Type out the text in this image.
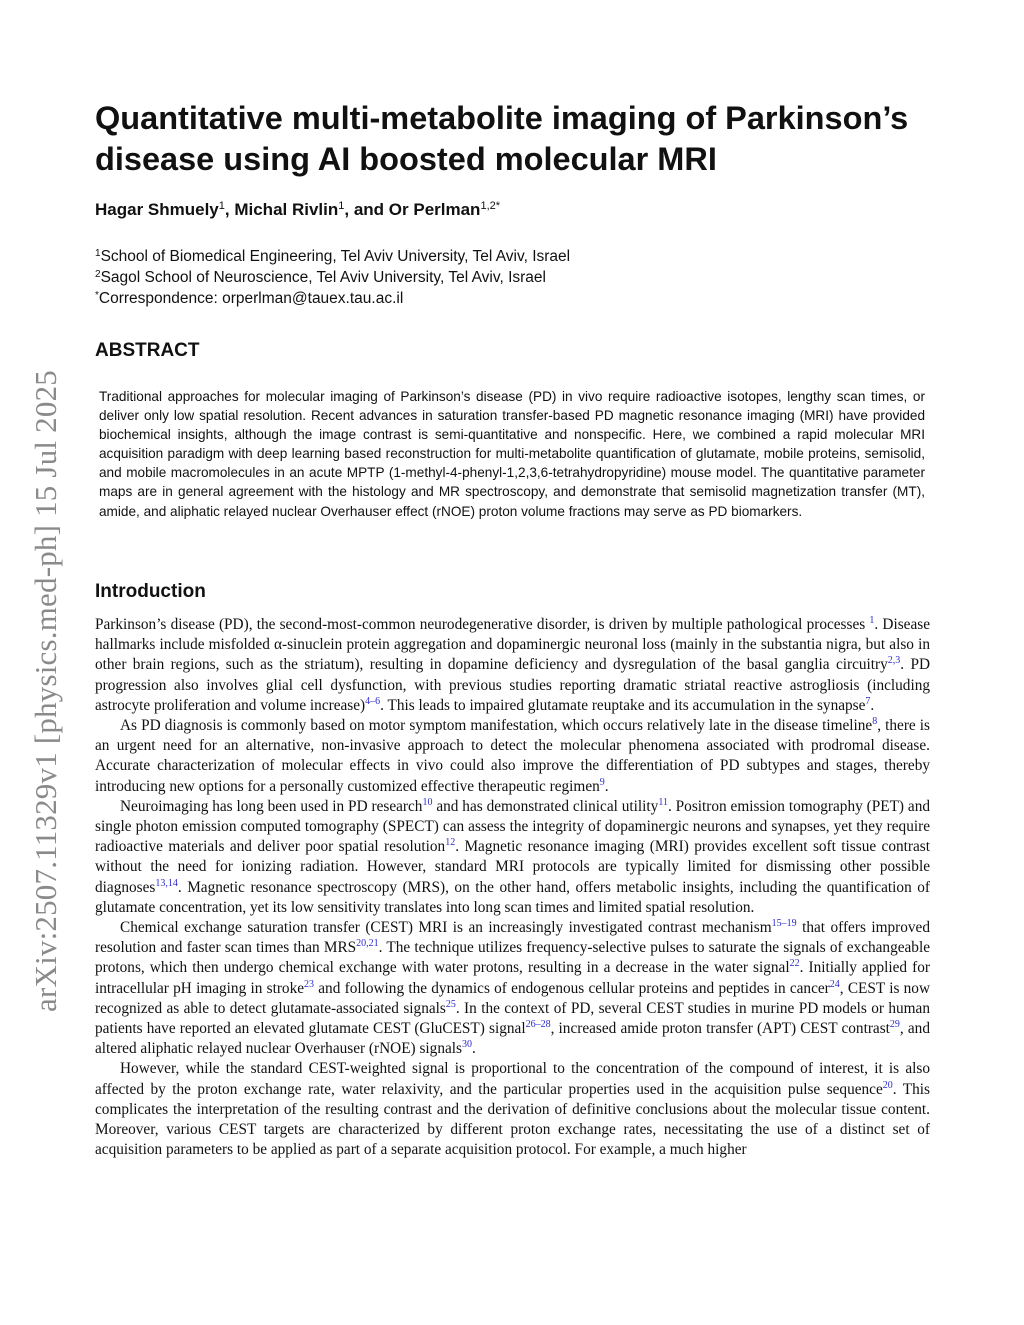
arXiv:2507.11329v1 [physics.med-ph] 15 Jul 2025
Quantitative multi-metabolite imaging of Parkinson’s disease using AI boosted molecular MRI
Hagar Shmuely$^1$, Michal Rivlin$^1$, and Or Perlman$^{1,2*}$
$^1$School of Biomedical Engineering, Tel Aviv University, Tel Aviv, Israel
$^2$Sagol School of Neuroscience, Tel Aviv University, Tel Aviv, Israel
*Correspondence: orperlman@tauex.tau.ac.il
ABSTRACT

Traditional approaches for molecular imaging of Parkinson’s disease (PD) in vivo require radioactive isotopes, lengthy scan times, or deliver only low spatial resolution. Recent advances in saturation transfer-based PD magnetic resonance imaging (MRI) have provided biochemical insights, although the image contrast is semi-quantitative and nonspecific. Here, we combined a rapid molecular MRI acquisition paradigm with deep learning based reconstruction for multi-metabolite quantification of glutamate, mobile proteins, semisolid, and mobile macromolecules in an acute MPTP (1-methyl-4-phenyl-1,2,3,6-tetrahydropyridine) mouse model. The quantitative parameter maps are in general agreement with the histology and MR spectroscopy, and demonstrate that semisolid magnetization transfer (MT), amide, and aliphatic relayed nuclear Overhauser effect (rNOE) proton volume fractions may serve as PD biomarkers.

Introduction

Parkinson’s disease (PD), the second-most-common neurodegenerative disorder, is driven by multiple pathological processes $^1$. Disease hallmarks include misfolded α-sinuclein protein aggregation and dopaminergic neuronal loss (mainly in the substantia nigra, but also in other brain regions, such as the striatum), resulting in dopamine deficiency and dysregulation of the basal ganglia circuitry$^{2,3}$. PD progression also involves glial cell dysfunction, with previous studies reporting dramatic striatal reactive astrogliosis (including astrocyte proliferation and volume increase)$^{4-6}$. This leads to impaired glutamate reuptake and its accumulation in the synapse$^7$.

As PD diagnosis is commonly based on motor symptom manifestation, which occurs relatively late in the disease timeline$^8$, there is an urgent need for an alternative, non-invasive approach to detect the molecular phenomena associated with prodromal disease. Accurate characterization of molecular effects in vivo could also improve the differentiation of PD subtypes and stages, thereby introducing new options for a personally customized effective therapeutic regimen$^9$.

Neuroimaging has long been used in PD research$^{10}$ and has demonstrated clinical utility$^{11}$. Positron emission tomography (PET) and single photon emission computed tomography (SPECT) can assess the integrity of dopaminergic neurons and synapses, yet they require radioactive materials and deliver poor spatial resolution$^{12}$. Magnetic resonance imaging (MRI) provides excellent soft tissue contrast without the need for ionizing radiation. However, standard MRI protocols are typically limited for dismissing other possible diagnoses$^{13,14}$. Magnetic resonance spectroscopy (MRS), on the other hand, offers metabolic insights, including the quantification of glutamate concentration, yet its low sensitivity translates into long scan times and limited spatial resolution.

Chemical exchange saturation transfer (CEST) MRI is an increasingly investigated contrast mechanism$^{15-19}$ that offers improved resolution and faster scan times than MRS$^{20,21}$. The technique utilizes frequency-selective pulses to saturate the signals of exchangeable protons, which then undergo chemical exchange with water protons, resulting in a decrease in the water signal$^{22}$. Initially applied for intracellular pH imaging in stroke$^{23}$ and following the dynamics of endogenous cellular proteins and peptides in cancer$^{24}$, CEST is now recognized as able to detect glutamate-associated signals$^{25}$. In the context of PD, several CEST studies in murine PD models or human patients have reported an elevated glutamate CEST (GluCEST) signal$^{26-28}$, increased amide proton transfer (APT) CEST contrast$^{29}$, and altered aliphatic relayed nuclear Overhauser (rNOE) signals$^{30}$.

However, while the standard CEST-weighted signal is proportional to the concentration of the compound of interest, it is also affected by the proton exchange rate, water relaxivity, and the particular properties used in the acquisition pulse sequence$^{20}$. This complicates the interpretation of the resulting contrast and the derivation of definitive conclusions about the molecular tissue content. Moreover, various CEST targets are characterized by different proton exchange rates, necessitating the use of a distinct set of acquisition parameters to be applied as part of a separate acquisition protocol. For example, a much higher
